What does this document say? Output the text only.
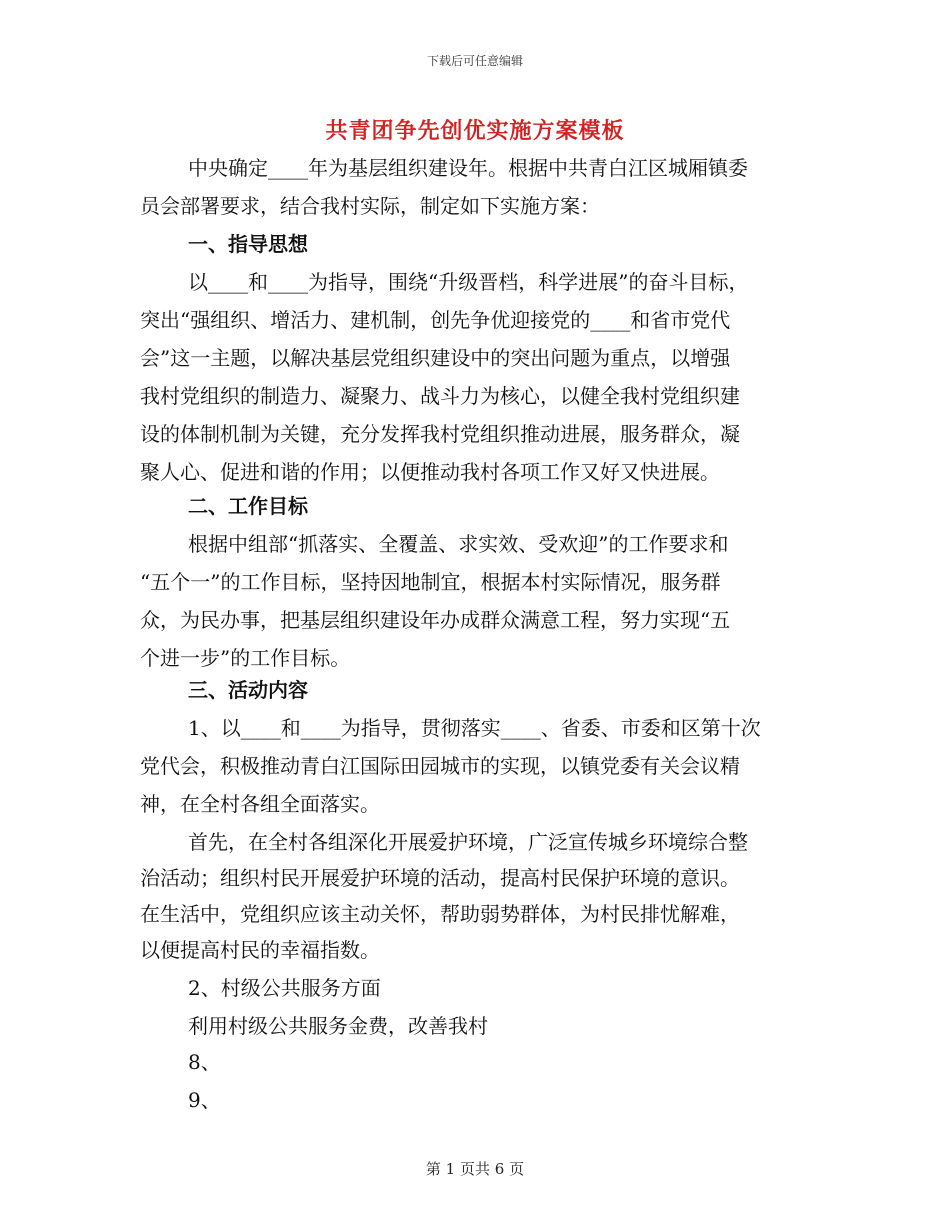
下载后可任意编辑
共青团争先创优实施方案模板
中央确定____年为基层组织建设年。根据中共青白江区城厢镇委
员会部署要求，结合我村实际，制定如下实施方案：
一、指导思想
以____和____为指导，围绕“升级晋档，科学进展”的奋斗目标，
突出“强组织、增活力、建机制，创先争优迎接党的____和省市党代
会”这一主题，以解决基层党组织建设中的突出问题为重点，以增强
我村党组织的制造力、凝聚力、战斗力为核心，以健全我村党组织建
设的体制机制为关键，充分发挥我村党组织推动进展，服务群众，凝
聚人心、促进和谐的作用；以便推动我村各项工作又好又快进展。
二、工作目标
根据中组部“抓落实、全覆盖、求实效、受欢迎”的工作要求和
“五个一”的工作目标，坚持因地制宜，根据本村实际情况，服务群
众，为民办事，把基层组织建设年办成群众满意工程，努力实现“五
个进一步”的工作目标。
三、活动内容
1、以____和____为指导，贯彻落实____、省委、市委和区第十次
党代会，积极推动青白江国际田园城市的实现，以镇党委有关会议精
神，在全村各组全面落实。
首先，在全村各组深化开展爱护环境，广泛宣传城乡环境综合整
治活动；组织村民开展爱护环境的活动，提高村民保护环境的意识。
在生活中，党组织应该主动关怀，帮助弱势群体，为村民排忧解难，
以便提高村民的幸福指数。
2、村级公共服务方面
利用村级公共服务金费，改善我村
8、
9、
第 1 页共 6 页
